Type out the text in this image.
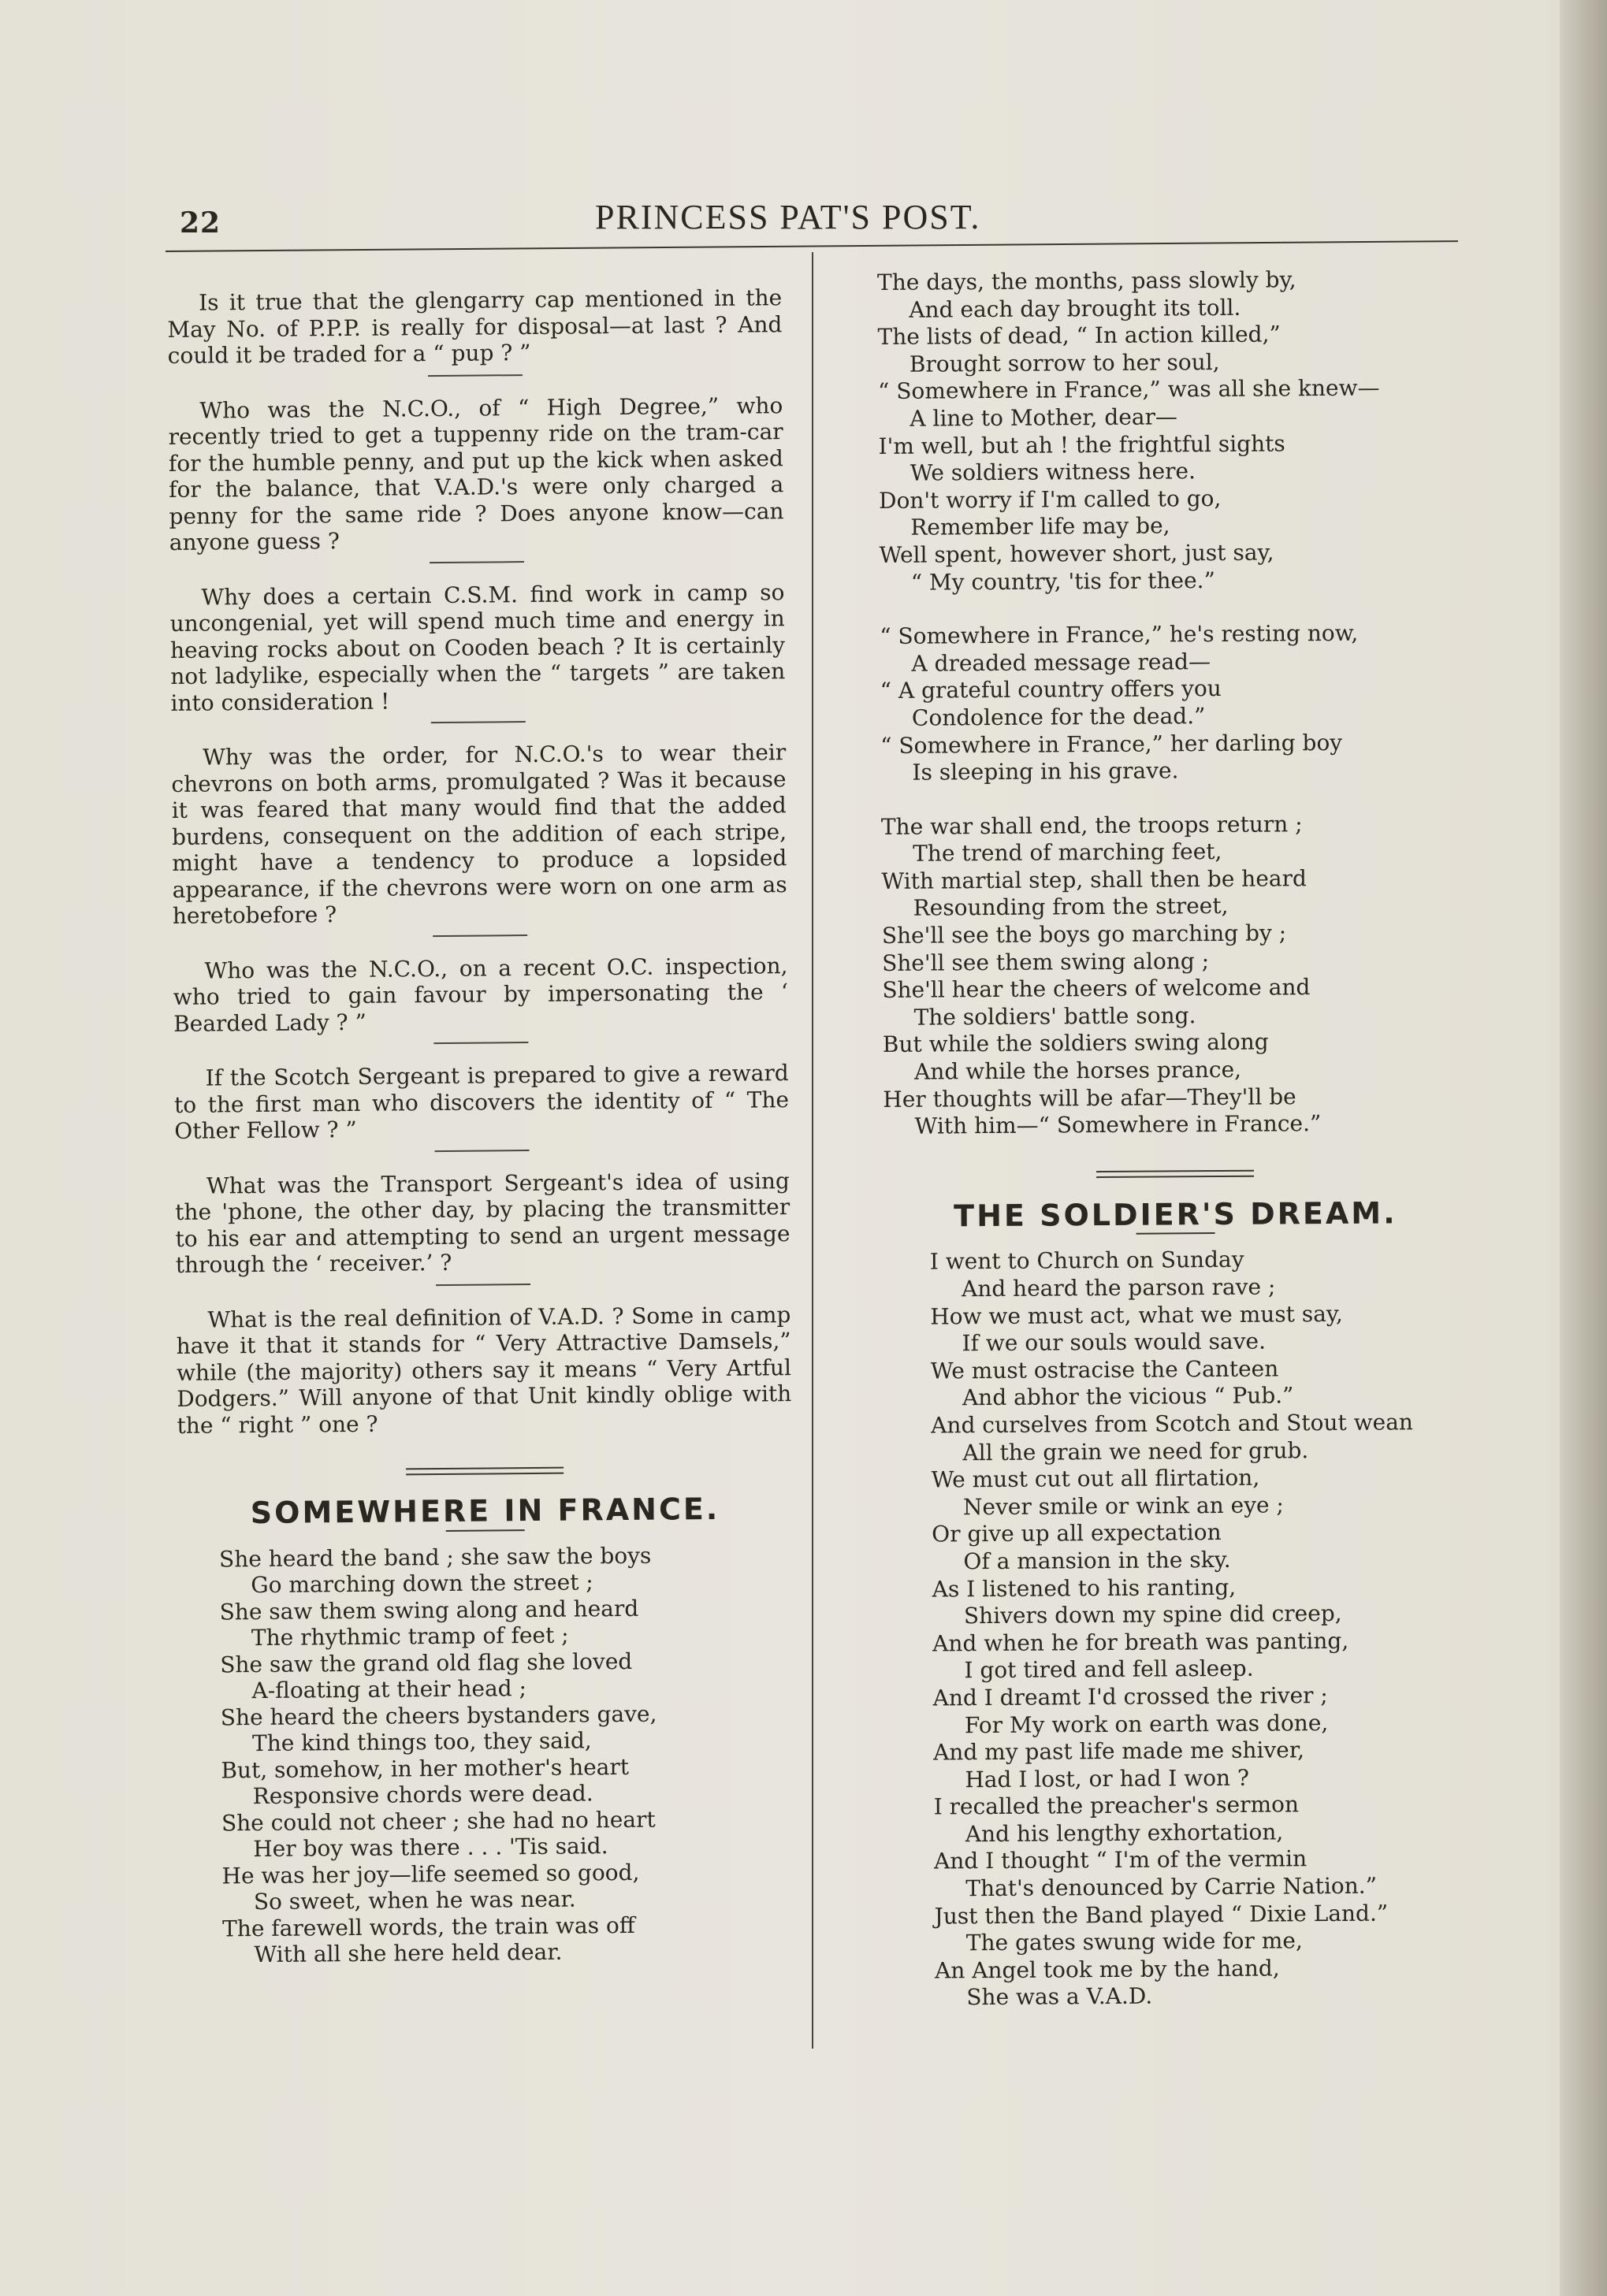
22	PRINCESS PAT'S POST.

Is it true that the glengarry cap mentioned in the May No. of P.P.P. is really for disposal—at last ? And could it be traded for a “ pup ? ”

Who was the N.C.O., of “ High Degree,” who recently tried to get a tuppenny ride on the tram-car for the humble penny, and put up the kick when asked for the balance, that V.A.D.'s were only charged a penny for the same ride ? Does anyone know—can anyone guess ?

Why does a certain C.S.M. find work in camp so uncongenial, yet will spend much time and energy in heaving rocks about on Cooden beach ? It is certainly not ladylike, especially when the “ targets ” are taken into consideration !

Why was the order, for N.C.O.'s to wear their chevrons on both arms, promulgated ? Was it because it was feared that many would find that the added burdens, consequent on the addition of each stripe, might have a tendency to produce a lopsided appearance, if the chevrons were worn on one arm as heretobefore ?

Who was the N.C.O., on a recent O.C. inspection, who tried to gain favour by impersonating the ‘ Bearded Lady ? ”

If the Scotch Sergeant is prepared to give a reward to the first man who discovers the identity of “ The Other Fellow ? ”

What was the Transport Sergeant's idea of using the 'phone, the other day, by placing the transmitter to his ear and attempting to send an urgent message through the ‘ receiver.’ ?

What is the real definition of V.A.D. ? Some in camp have it that it stands for “ Very Attractive Damsels,” while (the majority) others say it means “ Very Artful Dodgers.” Will anyone of that Unit kindly oblige with the “ right ” one ?

SOMEWHERE IN FRANCE.
She heard the band ; she saw the boys
Go marching down the street ;
She saw them swing along and heard
The rhythmic tramp of feet ;
She saw the grand old flag she loved
A-floating at their head ;
She heard the cheers bystanders gave,
The kind things too, they said,
But, somehow, in her mother's heart
Responsive chords were dead.
She could not cheer ; she had no heart
Her boy was there . . . 'Tis said.
He was her joy—life seemed so good,
So sweet, when he was near.
The farewell words, the train was off
With all she here held dear.
The days, the months, pass slowly by,
And each day brought its toll.
The lists of dead, “ In action killed,”
Brought sorrow to her soul,
“ Somewhere in France,” was all she knew—
A line to Mother, dear—
I'm well, but ah ! the frightful sights
We soldiers witness here.
Don't worry if I'm called to go,
Remember life may be,
Well spent, however short, just say,
“ My country, 'tis for thee.”
“ Somewhere in France,” he's resting now,
A dreaded message read—
“ A grateful country offers you
Condolence for the dead.”
“ Somewhere in France,” her darling boy
Is sleeping in his grave.
The war shall end, the troops return ;
The trend of marching feet,
With martial step, shall then be heard
Resounding from the street,
She'll see the boys go marching by ;
She'll see them swing along ;
She'll hear the cheers of welcome and
The soldiers' battle song.
But while the soldiers swing along
And while the horses prance,
Her thoughts will be afar—They'll be
With him—“ Somewhere in France.”
THE SOLDIER'S DREAM.
I went to Church on Sunday
And heard the parson rave ;
How we must act, what we must say,
If we our souls would save.
We must ostracise the Canteen
And abhor the vicious “ Pub.”
And curselves from Scotch and Stout wean
All the grain we need for grub.
We must cut out all flirtation,
Never smile or wink an eye ;
Or give up all expectation
Of a mansion in the sky.
As I listened to his ranting,
Shivers down my spine did creep,
And when he for breath was panting,
I got tired and fell asleep.
And I dreamt I'd crossed the river ;
For My work on earth was done,
And my past life made me shiver,
Had I lost, or had I won ?
I recalled the preacher's sermon
And his lengthy exhortation,
And I thought “ I'm of the vermin
That's denounced by Carrie Nation.”
Just then the Band played “ Dixie Land.”
The gates swung wide for me,
An Angel took me by the hand,
She was a V.A.D.
